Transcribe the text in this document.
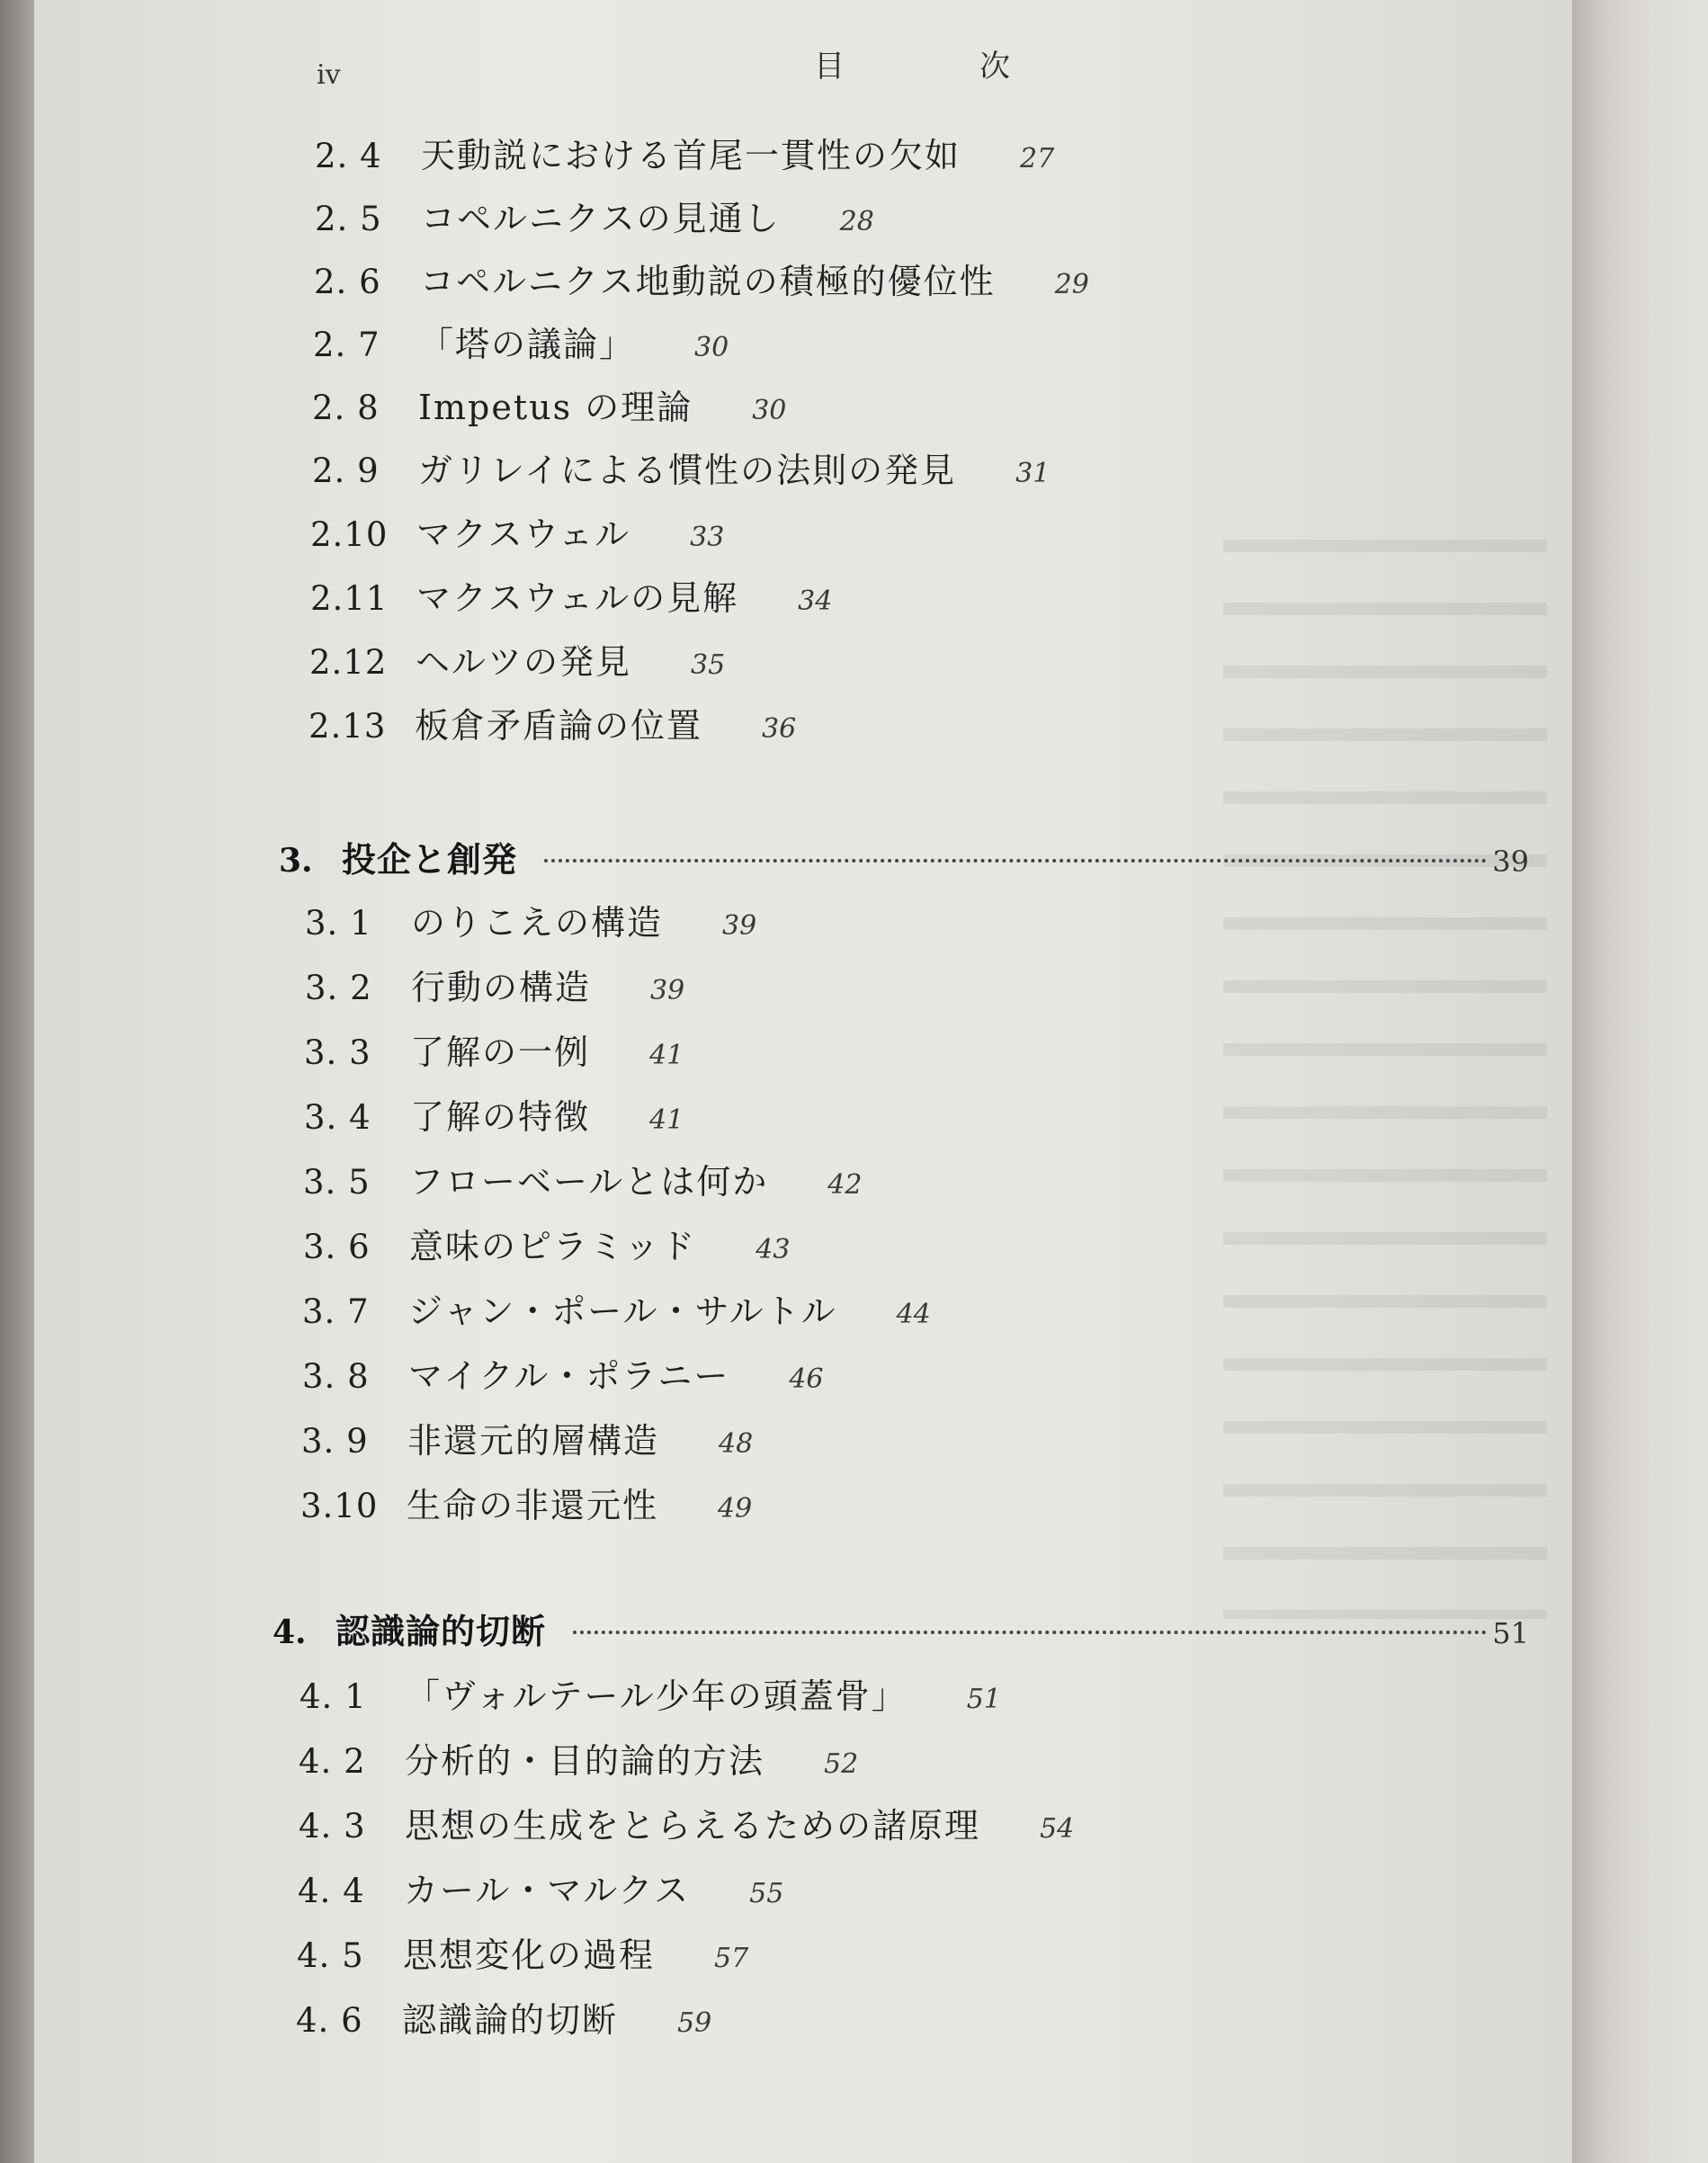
iv	目	次
2. 4	天動説における首尾一貫性の欠如 27
2. 5	コペルニクスの見通し 28
2. 6	コペルニクス地動説の積極的優位性 29
2. 7	「塔の議論」 30
2. 8	Impetus の理論 30
2. 9	ガリレイによる慣性の法則の発見 31
2.10 マクスウェル 33
2.11 マクスウェルの見解 34
2.12 ヘルツの発見 35
2.13 板倉矛盾論の位置 36
3. 投企と創発	39
3. 1	のりこえの構造 39
3. 2	行動の構造 39
3. 3	了解の一例 41
3. 4	了解の特徴 41
3. 5	フローベールとは何か 42
3. 6	意味のピラミッド 43
3. 7	ジャン・ポール・サルトル 44
3. 8	マイクル・ポラニー 46
3. 9	非還元的層構造 48
3.10 生命の非還元性 49
4. 認識論的切断	51
4. 1	「ヴォルテール少年の頭蓋骨」 51
4. 2	分析的・目的論的方法 52
4. 3	思想の生成をとらえるための諸原理 54
4. 4	カール・マルクス 55
4. 5	思想変化の過程 57
4. 6	認識論的切断 59
